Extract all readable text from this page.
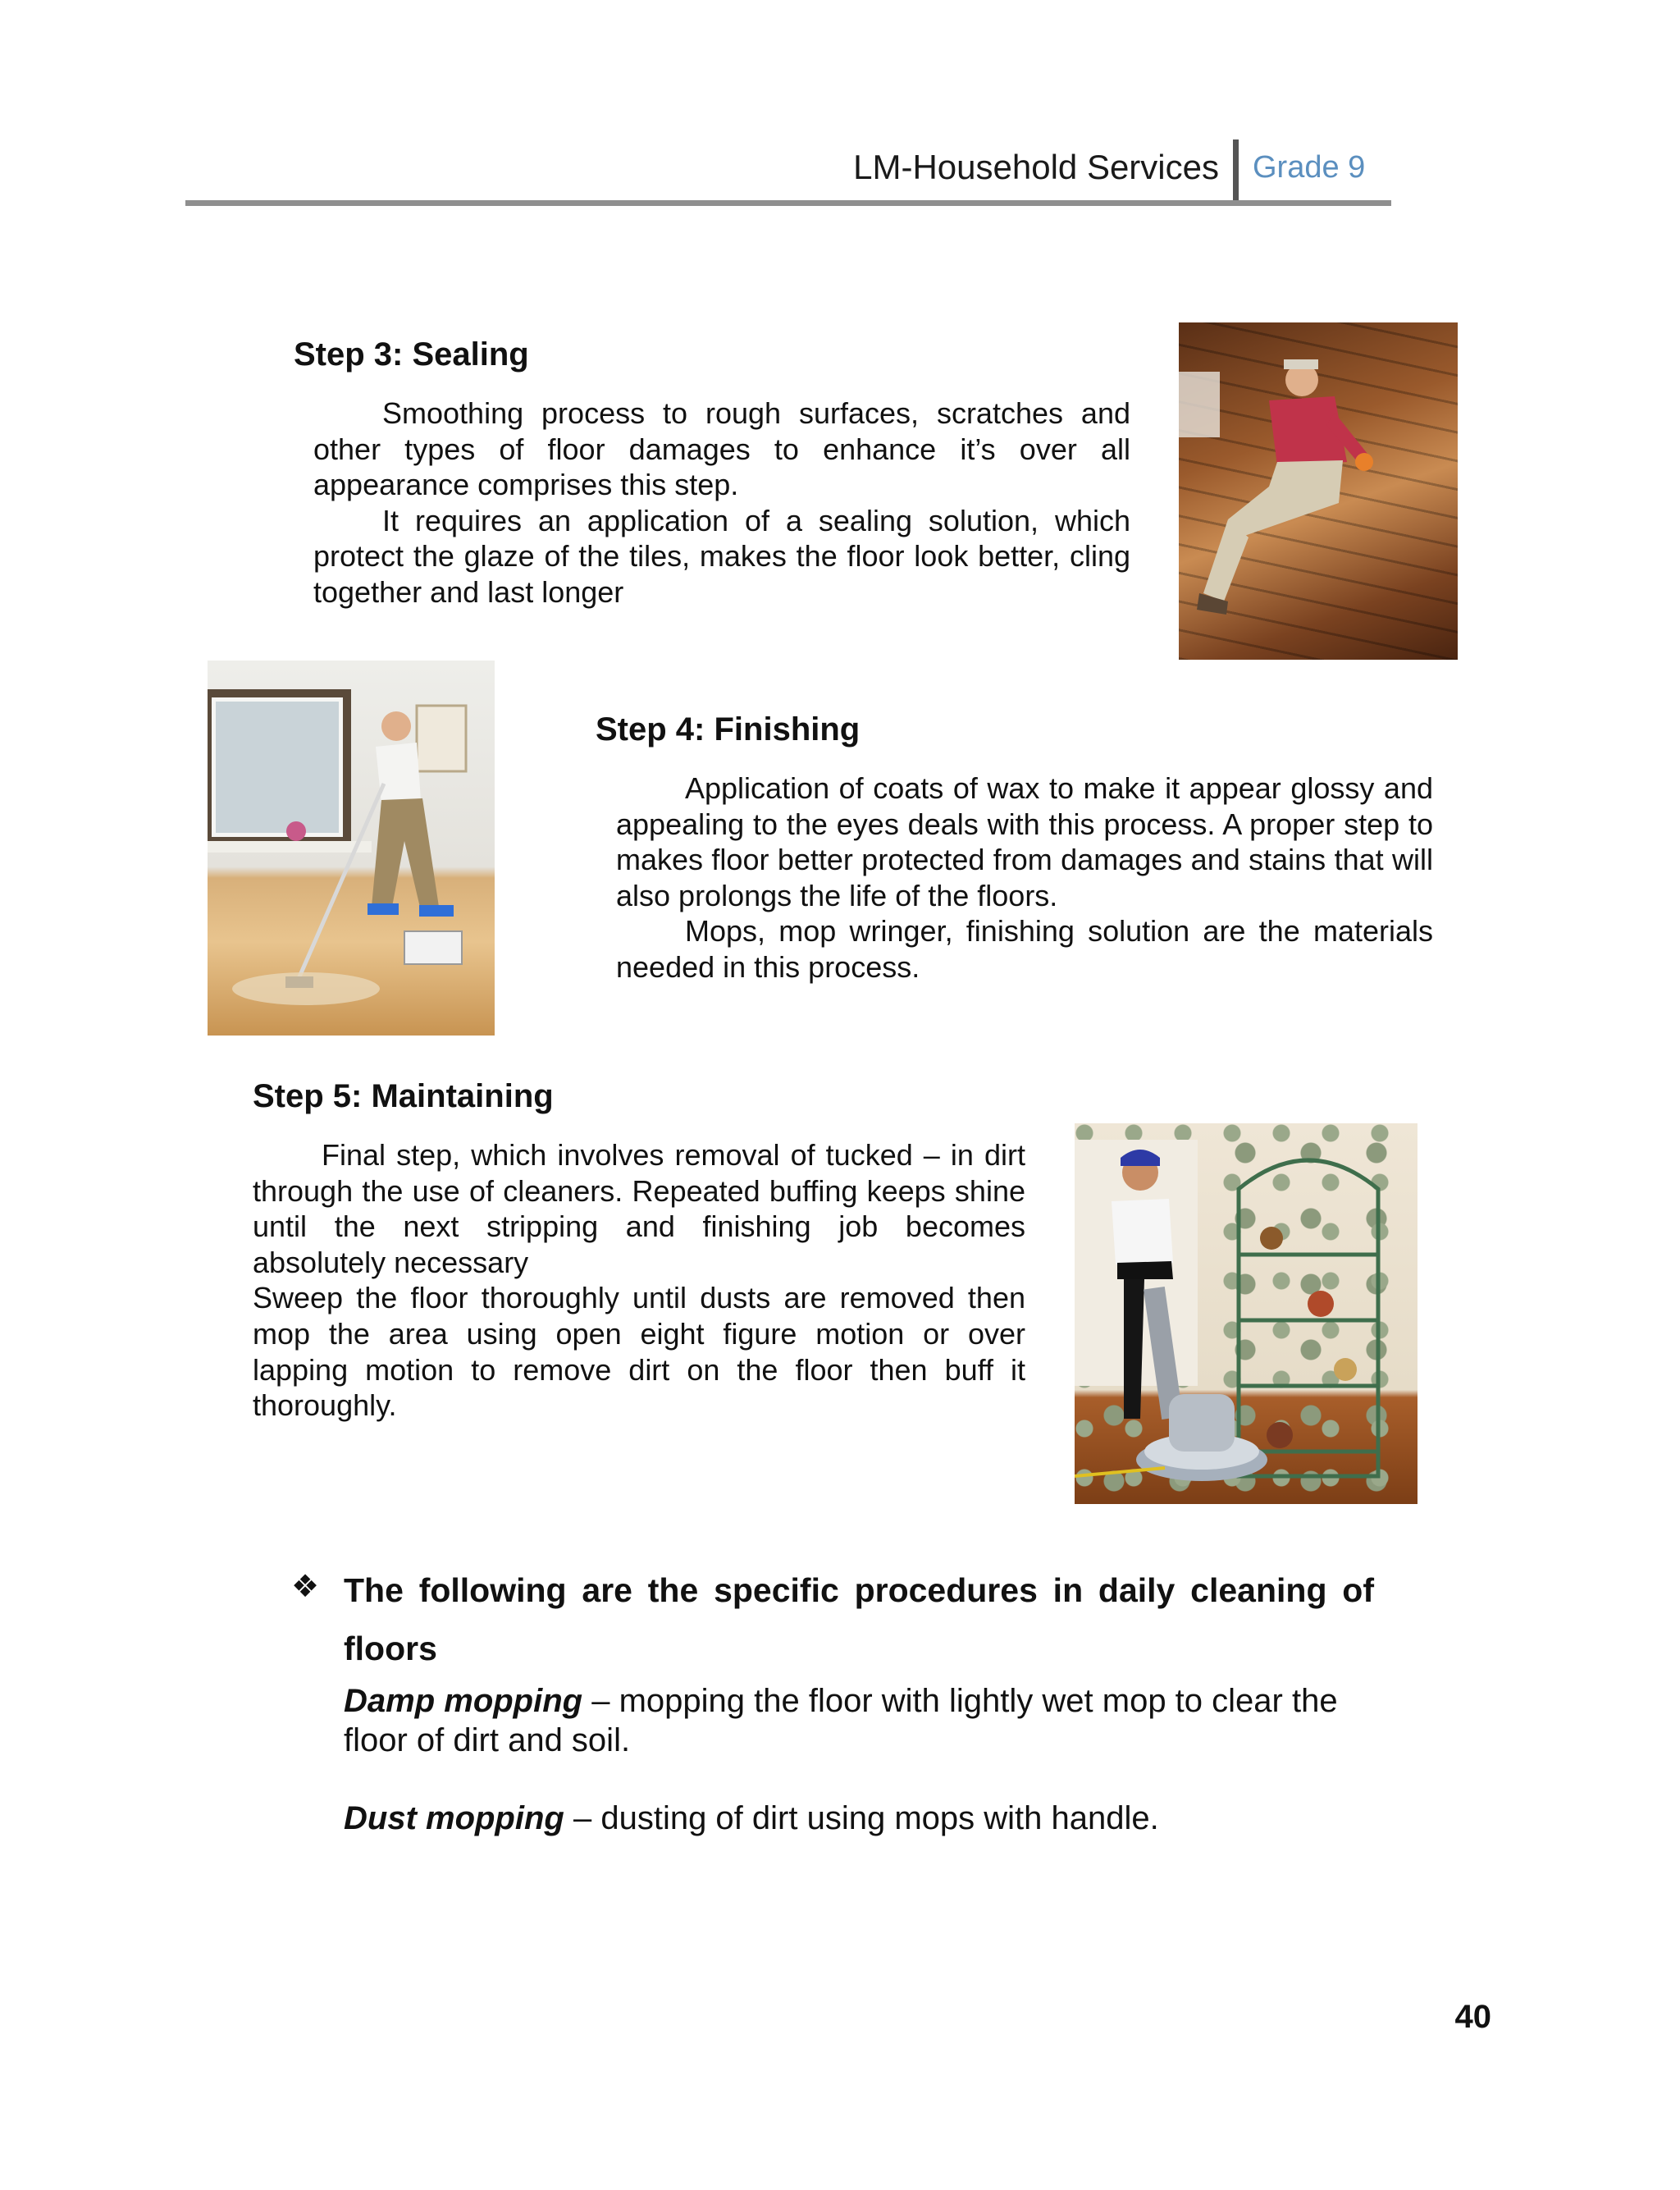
LM-Household Services Grade 9
Step 3: Sealing

Smoothing process to rough surfaces, scratches and other types of floor damages to enhance it’s over all appearance comprises this step.

It requires an application of a sealing solution, which protect the glaze of the tiles, makes the floor look better, cling together and last longer

Step 4: Finishing

Application of coats of wax to make it appear glossy and appealing to the eyes deals with this process. A proper step to makes floor better protected from damages and stains that will also prolongs the life of the floors.

Mops, mop wringer, finishing solution are the materials needed in this process.

Step 5: Maintaining

Final step, which involves removal of tucked – in dirt through the use of cleaners. Repeated buffing keeps shine until the next stripping and finishing job becomes absolutely necessary

Sweep the floor thoroughly until dusts are removed then mop the area using open eight figure motion or over lapping motion to remove dirt on the floor then buff it thoroughly.

❖ The following are the specific procedures in daily cleaning of floors
Damp mopping – mopping the floor with lightly wet mop to clear the floor of dirt and soil.
Dust mopping – dusting of dirt using mops with handle.
40
